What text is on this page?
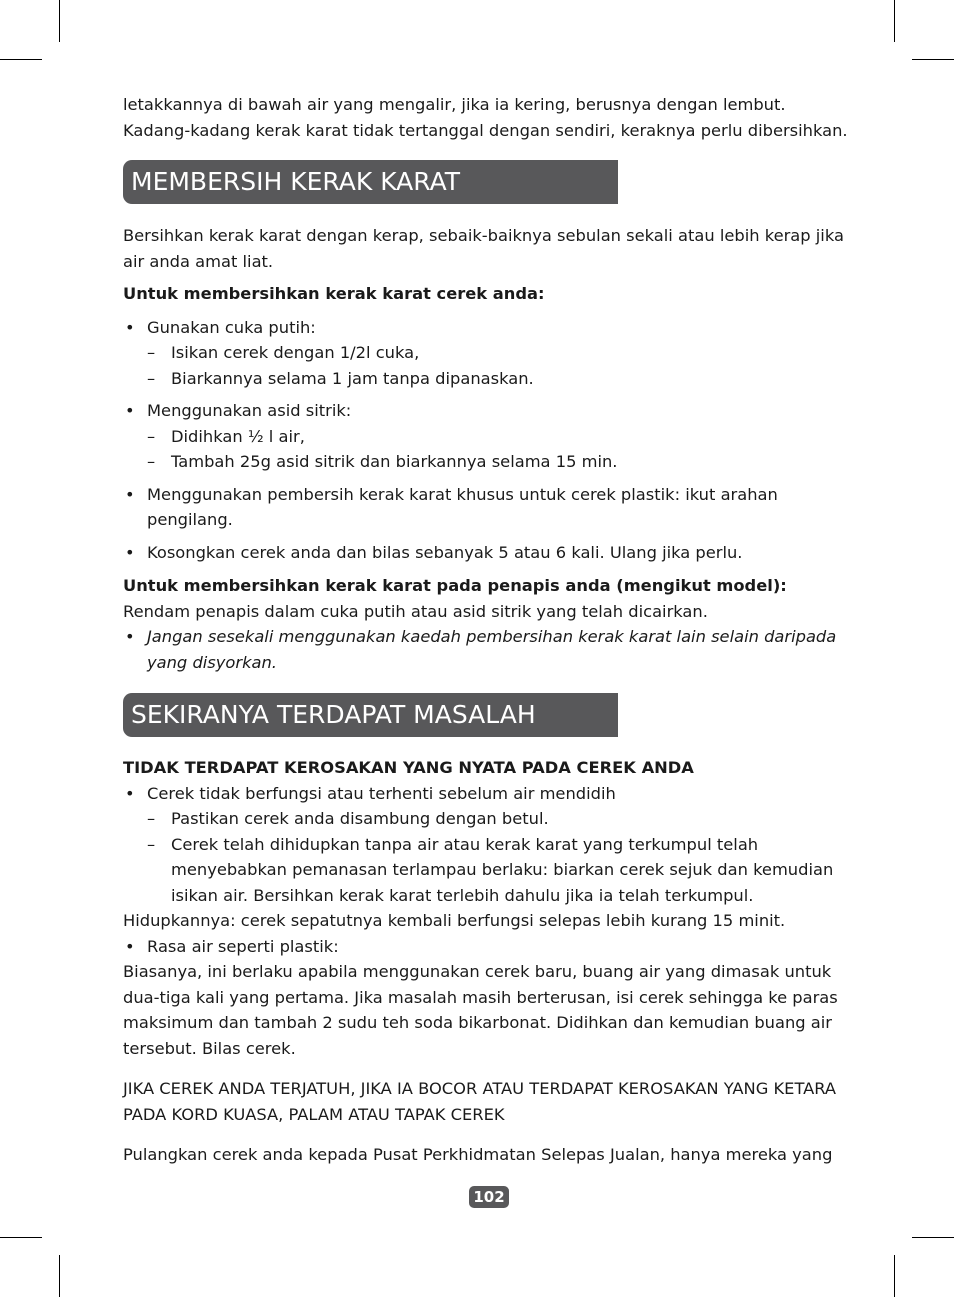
letakkannya di bawah air yang mengalir, jika ia kering, berusnya dengan lembut.

Kadang-kadang kerak karat tidak tertanggal dengan sendiri, keraknya perlu dibersihkan.

MEMBERSIH KERAK KARAT

Bersihkan kerak karat dengan kerap, sebaik-baiknya sebulan sekali atau lebih kerap jika air anda amat liat.

Untuk membersihkan kerak karat cerek anda:

• Gunakan cuka putih:
– Isikan cerek dengan 1/2l cuka,
– Biarkannya selama 1 jam tanpa dipanaskan.
• Menggunakan asid sitrik:
– Didihkan ½ l air,
– Tambah 25g asid sitrik dan biarkannya selama 15 min.
• Menggunakan pembersih kerak karat khusus untuk cerek plastik: ikut arahan pengilang.
• Kosongkan cerek anda dan bilas sebanyak 5 atau 6 kali. Ulang jika perlu.

Untuk membersihkan kerak karat pada penapis anda (mengikut model):

Rendam penapis dalam cuka putih atau asid sitrik yang telah dicairkan.

• Jangan sesekali menggunakan kaedah pembersihan kerak karat lain selain daripada yang disyorkan.
SEKIRANYA TERDAPAT MASALAH

TIDAK TERDAPAT KEROSAKAN YANG NYATA PADA CEREK ANDA

• Cerek tidak berfungsi atau terhenti sebelum air mendidih
– Pastikan cerek anda disambung dengan betul.
– Cerek telah dihidupkan tanpa air atau kerak karat yang terkumpul telah menyebabkan pemanasan terlampau berlaku: biarkan cerek sejuk dan kemudian isikan air. Bersihkan kerak karat terlebih dahulu jika ia telah terkumpul.

Hidupkannya: cerek sepatutnya kembali berfungsi selepas lebih kurang 15 minit.

• Rasa air seperti plastik:

Biasanya, ini berlaku apabila menggunakan cerek baru, buang air yang dimasak untuk dua-tiga kali yang pertama. Jika masalah masih berterusan, isi cerek sehingga ke paras maksimum dan tambah 2 sudu teh soda bikarbonat. Didihkan dan kemudian buang air tersebut. Bilas cerek.

JIKA CEREK ANDA TERJATUH, JIKA IA BOCOR ATAU TERDAPAT KEROSAKAN YANG KETARA PADA KORD KUASA, PALAM ATAU TAPAK CEREK

Pulangkan cerek anda kepada Pusat Perkhidmatan Selepas Jualan, hanya mereka yang

102
